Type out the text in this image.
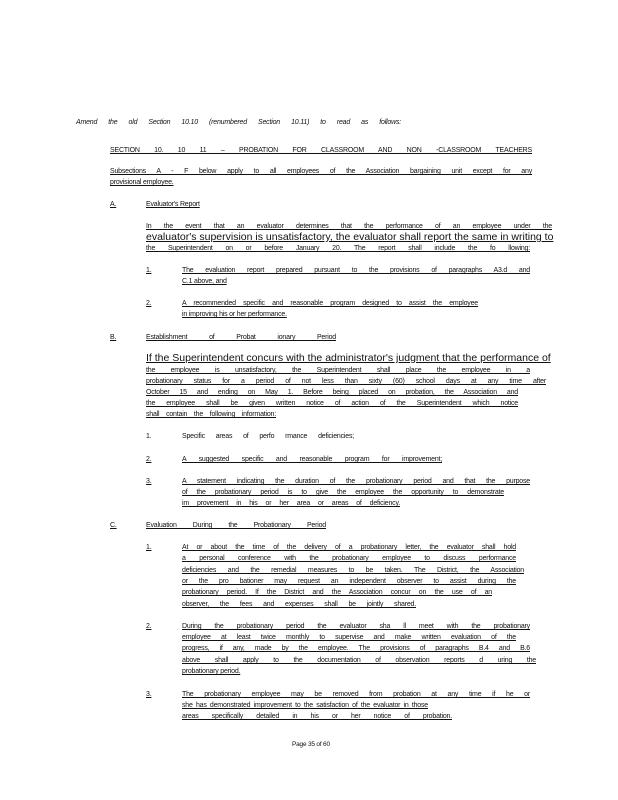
Amend the old Section 10.10 (renumbered Section 10.11) to read as follows:
SECTION 10. 10 11 – PROBATION FOR CLASSROOM AND NON -CLASSROOM TEACHERS
Subsections A - F below apply to all employees of the Association bargaining unit except for any
provisional employee.
A.	Evaluator's Report
In the event that an evaluator determines that the performance of an employee under the
evaluator's supervision is unsatisfactory, the evaluator shall report the same in writing to
the Superintendent on or before January 20. The report shall include the fo llowing:
1.	The evaluation report prepared pursuant to the provisions of paragraphs A3.d and
C.1 above, and
2.	A recommended specific and reasonable program designed to assist the employee
in improving his or her performance.
B.	Establishment of Probat ionary Period
If the Superintendent concurs with the administrator's judgment that the performance of
the employee is unsatisfactory, the Superintendent shall place the employee in a
probationary status for a period of not less than sixty (60) school days at any time after
October 15 and ending on May 1. Before being placed on probation, the Association and
the employee shall be given written notice of action of the Superintendent which notice
shall contain the following information:
1.	Specific areas of perfo rmance deficiencies;
2.	A suggested specific and reasonable program for improvement;
3.	A statement indicating the duration of the probationary period and that the purpose
of the probationary period is to give the employee the opportunity to demonstrate
im provement in his or her area or areas of deficiency.
C.	Evaluation During the Probationary Period
1.	At or about the time of the delivery of a probationary letter, the evaluator shall hold
a personal conference with the probationary employee to discuss performance
deficiencies and the remedial measures to be taken. The District, the Association
or the pro bationer may request an independent observer to assist during the
probationary period. If the District and the Association concur on the use of an
observer, the fees and expenses shall be jointly shared.
2.	During the probationary period the evaluator sha ll meet with the probationary
employee at least twice monthly to supervise and make written evaluation of the
progress, if any, made by the employee. The provisions of paragraphs B.4 and B.6
above shall apply to the documentation of observation reports d uring the
probationary period.
3.	The probationary employee may be removed from probation at any time if he or
she has demonstrated improvement to the satisfaction of the evaluator in those
areas specifically detailed in his or her notice of probation.
Page 35 of 60
